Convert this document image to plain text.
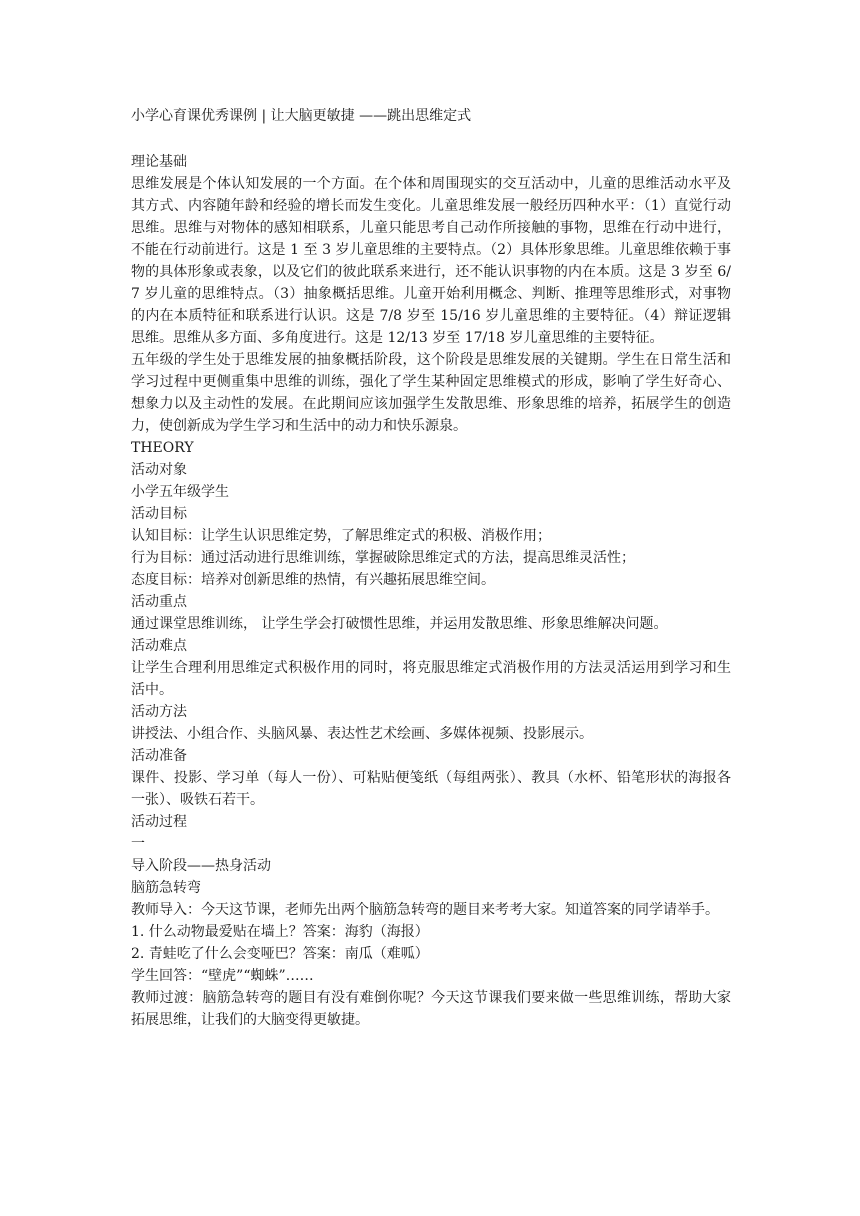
小学心育课优秀课例 | 让大脑更敏捷 ——跳出思维定式

理论基础

思维发展是个体认知发展的一个方面。在个体和周围现实的交互活动中，儿童的思维活动水平及其方式、内容随年龄和经验的增长而发生变化。儿童思维发展一般经历四种水平：（1）直觉行动思维。思维与对物体的感知相联系，儿童只能思考自己动作所接触的事物，思维在行动中进行，不能在行动前进行。这是 1 至 3 岁儿童思维的主要特点。（2）具体形象思维。儿童思维依赖于事物的具体形象或表象，以及它们的彼此联系来进行，还不能认识事物的内在本质。这是 3 岁至 6/7 岁儿童的思维特点。（3）抽象概括思维。儿童开始利用概念、判断、推理等思维形式，对事物的内在本质特征和联系进行认识。这是 7/8 岁至 15/16 岁儿童思维的主要特征。（4）辩证逻辑思维。思维从多方面、多角度进行。这是 12/13 岁至 17/18 岁儿童思维的主要特征。

五年级的学生处于思维发展的抽象概括阶段，这个阶段是思维发展的关键期。学生在日常生活和学习过程中更侧重集中思维的训练，强化了学生某种固定思维模式的形成，影响了学生好奇心、想象力以及主动性的发展。在此期间应该加强学生发散思维、形象思维的培养，拓展学生的创造力，使创新成为学生学习和生活中的动力和快乐源泉。

THEORY

活动对象

小学五年级学生

活动目标

认知目标：让学生认识思维定势，了解思维定式的积极、消极作用；

行为目标：通过活动进行思维训练，掌握破除思维定式的方法，提高思维灵活性；

态度目标：培养对创新思维的热情，有兴趣拓展思维空间。

活动重点

通过课堂思维训练， 让学生学会打破惯性思维，并运用发散思维、形象思维解决问题。

活动难点

让学生合理利用思维定式积极作用的同时，将克服思维定式消极作用的方法灵活运用到学习和生活中。

活动方法

讲授法、小组合作、头脑风暴、表达性艺术绘画、多媒体视频、投影展示。

活动准备

课件、投影、学习单（每人一份）、可粘贴便笺纸（每组两张）、教具（水杯、铅笔形状的海报各一张）、吸铁石若干。

活动过程

一

导入阶段——热身活动

脑筋急转弯

教师导入：今天这节课，老师先出两个脑筋急转弯的题目来考考大家。知道答案的同学请举手。

1. 什么动物最爱贴在墙上？答案：海豹（海报）

2. 青蛙吃了什么会变哑巴？答案：南瓜（难呱）

学生回答：“壁虎”“蜘蛛”……

教师过渡：脑筋急转弯的题目有没有难倒你呢？今天这节课我们要来做一些思维训练，帮助大家拓展思维，让我们的大脑变得更敏捷。
